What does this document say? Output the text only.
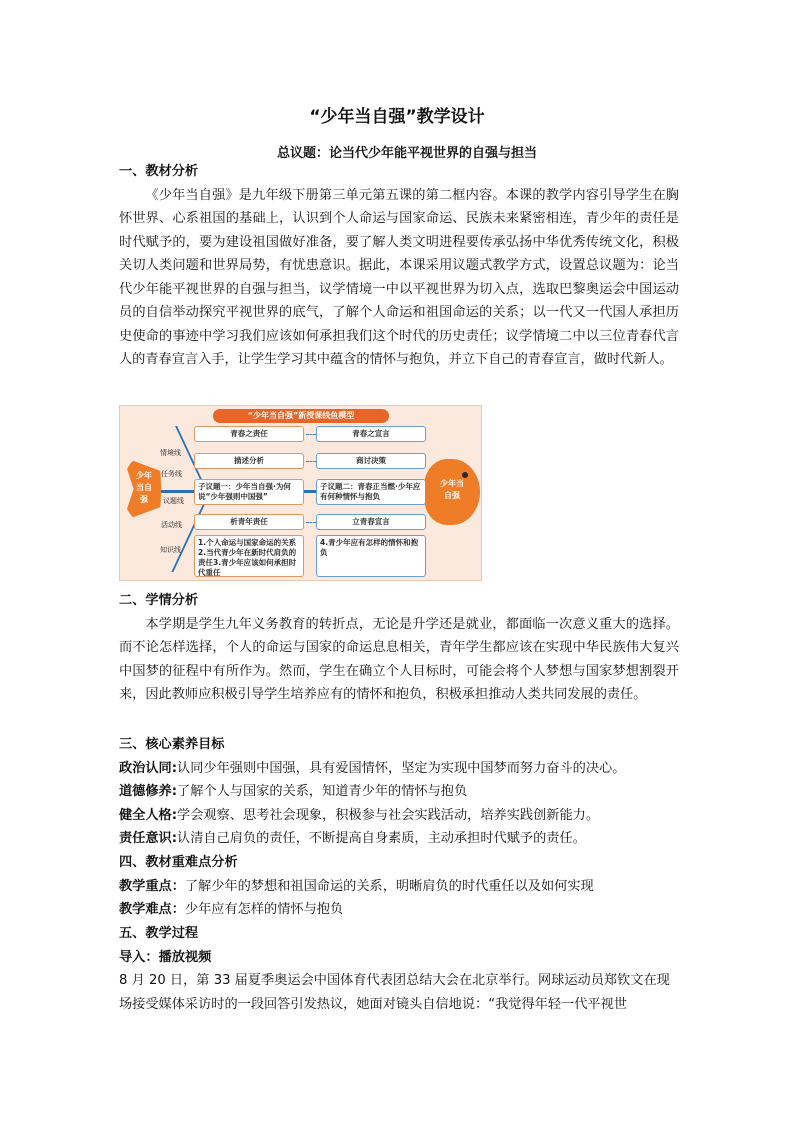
“少年当自强”教学设计
总议题：论当代少年能平视世界的自强与担当
一、教材分析
《少年当自强》是九年级下册第三单元第五课的第二框内容。本课的教学内容引导学生在胸怀世界、心系祖国的基础上，认识到个人命运与国家命运、民族未来紧密相连，青少年的责任是时代赋予的，要为建设祖国做好准备，要了解人类文明进程要传承弘扬中华优秀传统文化，积极关切人类问题和世界局势，有忧患意识。据此，本课采用议题式教学方式，设置总议题为：论当代少年能平视世界的自强与担当，议学情境一中以平视世界为切入点，选取巴黎奥运会中国运动员的自信举动探究平视世界的底气，了解个人命运和祖国命运的关系；以一代又一代国人承担历史使命的事迹中学习我们应该如何承担我们这个时代的历史责任；议学情境二中以三位青春代言人的青春宣言入手，让学生学习其中蕴含的情怀与抱负，并立下自己的青春宣言，做时代新人。
“少年当自强”新授课线鱼模型
少年当自强
少年当自强
情境线
任务线
议题线
活动线
知识线
青春之责任	青春之宣言
描述分析	商讨决策
子议题一：少年当自强·为何说“少年强则中国强”
子议题二：青春正当燃·少年应有何种情怀与抱负
析青年责任	立青春宣言
1.个人命运与国家命运的关系2.当代青少年在新时代肩负的责任3.青少年应该如何承担时代重任
4.青少年应有怎样的情怀和抱负
二、学情分析
本学期是学生九年义务教育的转折点，无论是升学还是就业，都面临一次意义重大的选择。而不论怎样选择，个人的命运与国家的命运息息相关，青年学生都应该在实现中华民族伟大复兴中国梦的征程中有所作为。然而，学生在确立个人目标时，可能会将个人梦想与国家梦想割裂开来，因此教师应积极引导学生培养应有的情怀和抱负，积极承担推动人类共同发展的责任。
三、核心素养目标
政治认同:认同少年强则中国强，具有爱国情怀，坚定为实现中国梦而努力奋斗的决心。
道德修养:了解个人与国家的关系，知道青少年的情怀与抱负
健全人格:学会观察、思考社会现象，积极参与社会实践活动，培养实践创新能力。
责任意识:认清自己肩负的责任，不断提高自身素质，主动承担时代赋予的责任。
四、教材重难点分析
教学重点：了解少年的梦想和祖国命运的关系，明晰肩负的时代重任以及如何实现
教学难点：少年应有怎样的情怀与抱负
五、教学过程
导入：播放视频
8 月 20 日，第 33 届夏季奥运会中国体育代表团总结大会在北京举行。网球运动员郑钦文在现场接受媒体采访时的一段回答引发热议，她面对镜头自信地说：“我觉得年轻一代平视世
